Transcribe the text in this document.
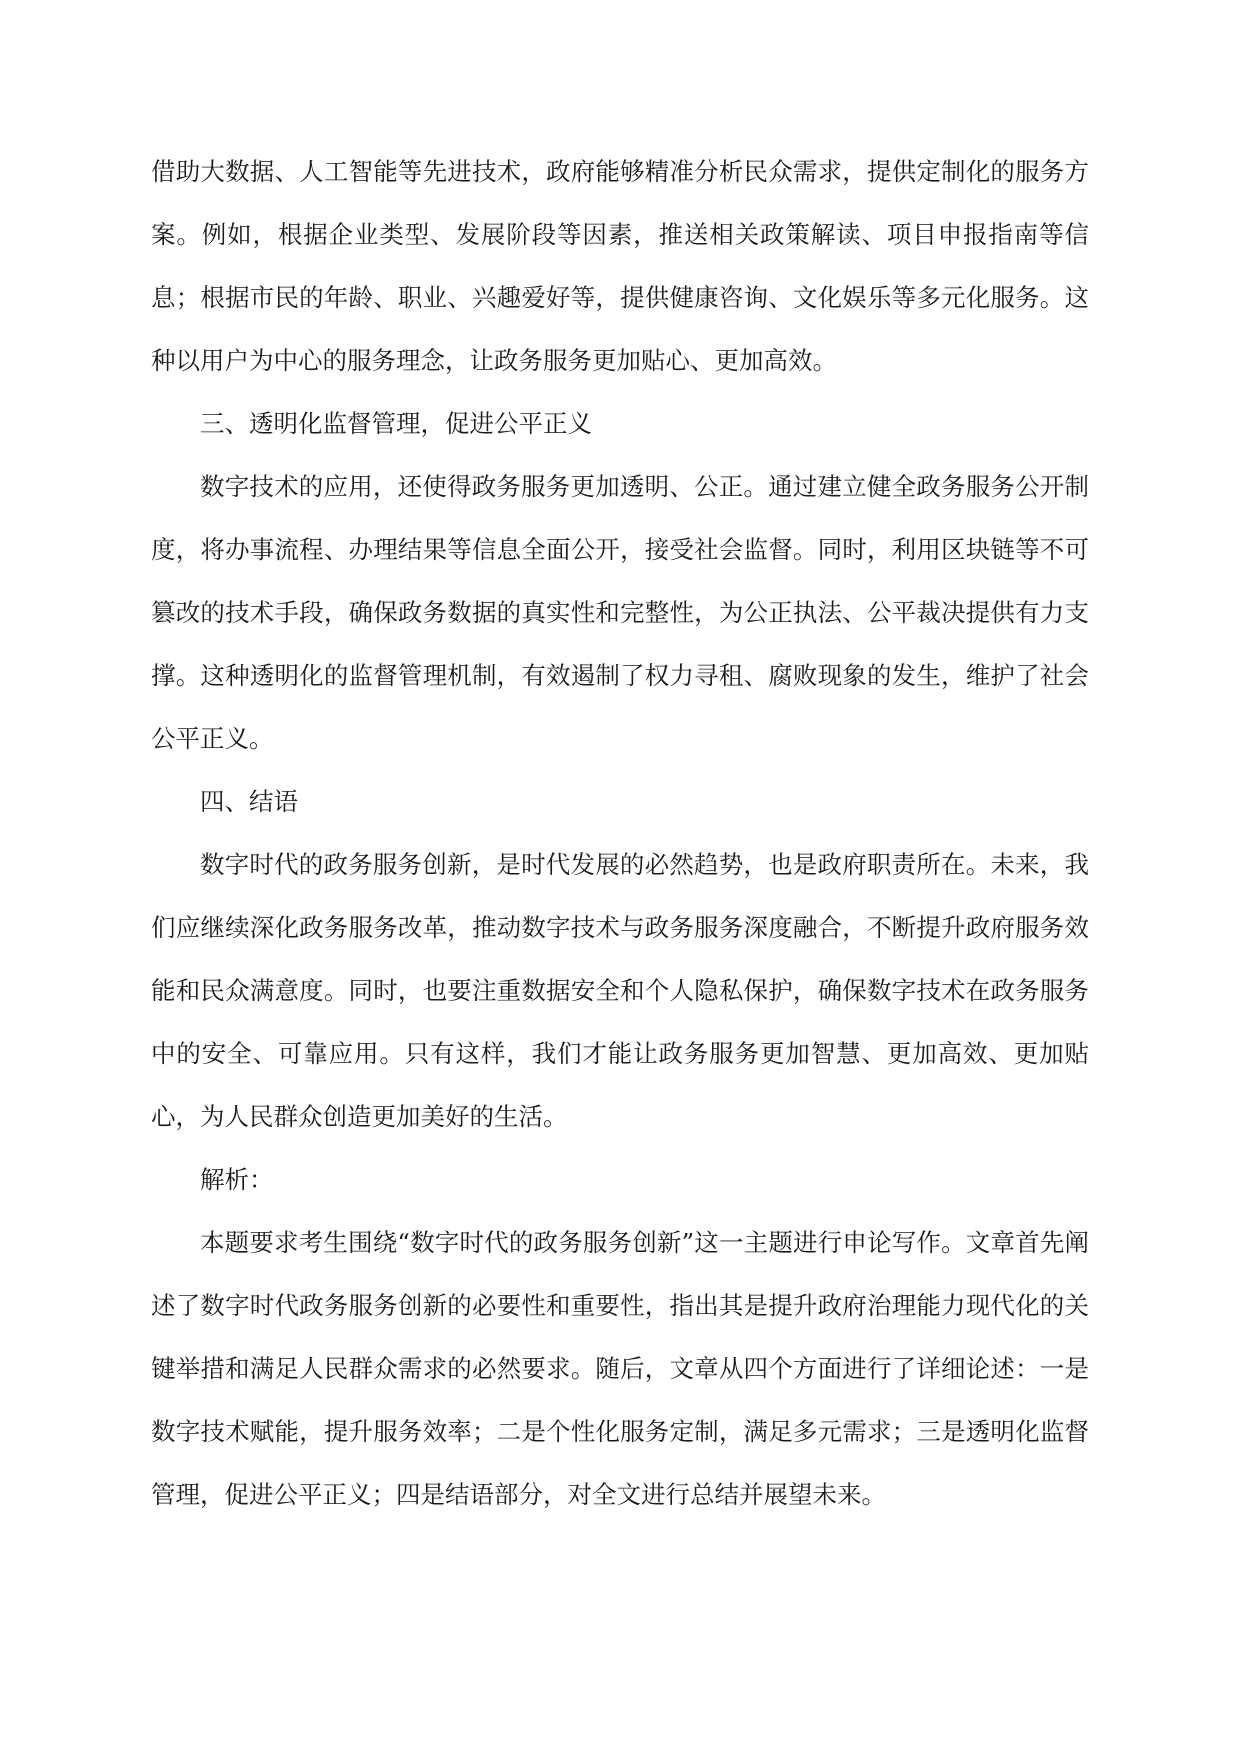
借助大数据、人工智能等先进技术，政府能够精准分析民众需求，提供定制化的服务方案。例如，根据企业类型、发展阶段等因素，推送相关政策解读、项目申报指南等信息；根据市民的年龄、职业、兴趣爱好等，提供健康咨询、文化娱乐等多元化服务。这种以用户为中心的服务理念，让政务服务更加贴心、更加高效。

三、透明化监督管理，促进公平正义

数字技术的应用，还使得政务服务更加透明、公正。通过建立健全政务服务公开制度，将办事流程、办理结果等信息全面公开，接受社会监督。同时，利用区块链等不可篡改的技术手段，确保政务数据的真实性和完整性，为公正执法、公平裁决提供有力支撑。这种透明化的监督管理机制，有效遏制了权力寻租、腐败现象的发生，维护了社会公平正义。

四、结语

数字时代的政务服务创新，是时代发展的必然趋势，也是政府职责所在。未来，我们应继续深化政务服务改革，推动数字技术与政务服务深度融合，不断提升政府服务效能和民众满意度。同时，也要注重数据安全和个人隐私保护，确保数字技术在政务服务中的安全、可靠应用。只有这样，我们才能让政务服务更加智慧、更加高效、更加贴心，为人民群众创造更加美好的生活。

解析：

本题要求考生围绕“数字时代的政务服务创新”这一主题进行申论写作。文章首先阐述了数字时代政务服务创新的必要性和重要性，指出其是提升政府治理能力现代化的关键举措和满足人民群众需求的必然要求。随后，文章从四个方面进行了详细论述：一是数字技术赋能，提升服务效率；二是个性化服务定制，满足多元需求；三是透明化监督管理，促进公平正义；四是结语部分，对全文进行总结并展望未来。
